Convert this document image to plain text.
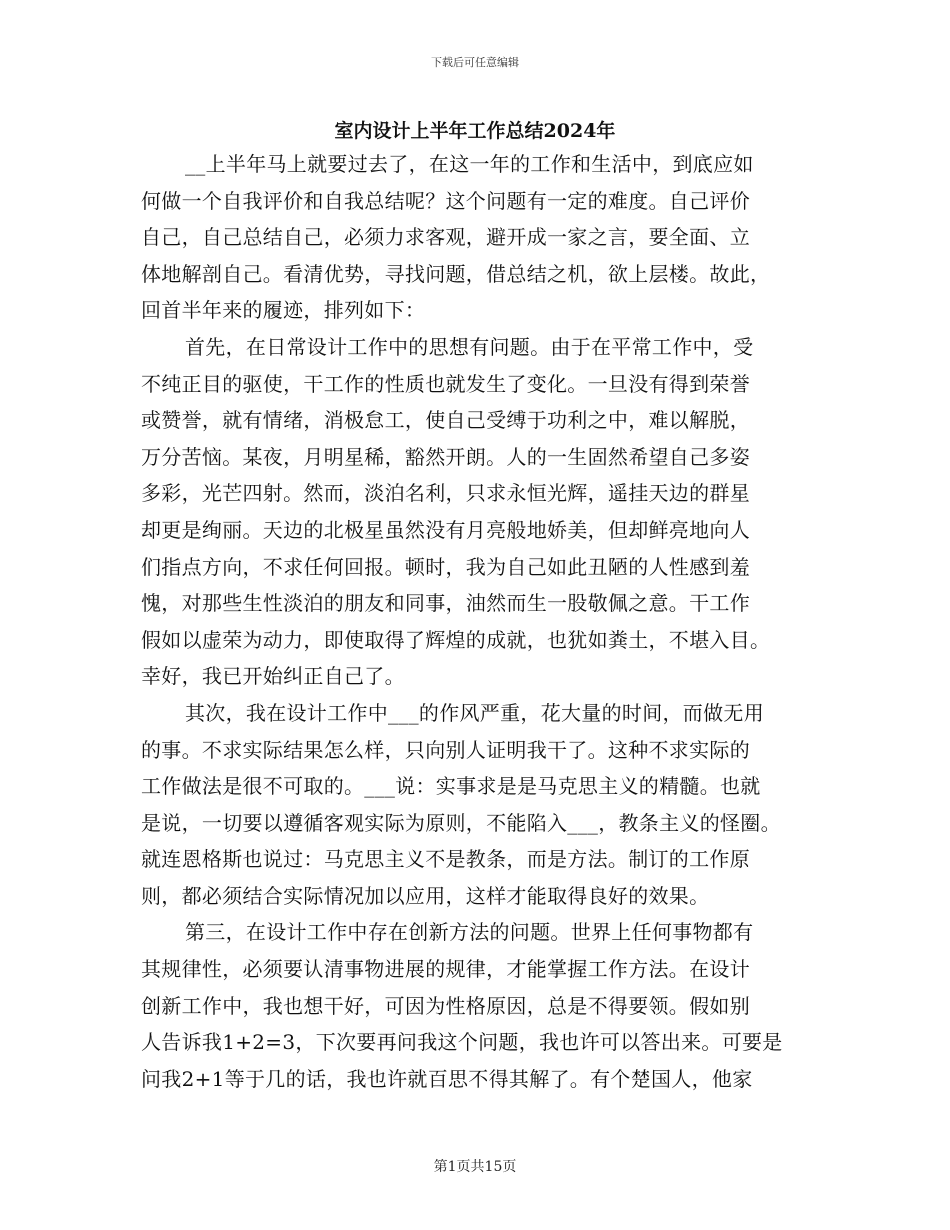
下载后可任意编辑
室内设计上半年工作总结2024年
__上半年马上就要过去了，在这一年的工作和生活中，到底应如
何做一个自我评价和自我总结呢？这个问题有一定的难度。自己评价
自己，自己总结自己，必须力求客观，避开成一家之言，要全面、立
体地解剖自己。看清优势，寻找问题，借总结之机，欲上层楼。故此，
回首半年来的履迹，排列如下：
首先，在日常设计工作中的思想有问题。由于在平常工作中，受
不纯正目的驱使，干工作的性质也就发生了变化。一旦没有得到荣誉
或赞誉，就有情绪，消极怠工，使自己受缚于功利之中，难以解脱，
万分苦恼。某夜，月明星稀，豁然开朗。人的一生固然希望自己多姿
多彩，光芒四射。然而，淡泊名利，只求永恒光辉，遥挂天边的群星
却更是绚丽。天边的北极星虽然没有月亮般地娇美，但却鲜亮地向人
们指点方向，不求任何回报。顿时，我为自己如此丑陋的人性感到羞
愧，对那些生性淡泊的朋友和同事，油然而生一股敬佩之意。干工作
假如以虚荣为动力，即使取得了辉煌的成就，也犹如粪土，不堪入目。
幸好，我已开始纠正自己了。
其次，我在设计工作中___的作风严重，花大量的时间，而做无用
的事。不求实际结果怎么样，只向别人证明我干了。这种不求实际的
工作做法是很不可取的。___说：实事求是是马克思主义的精髓。也就
是说，一切要以遵循客观实际为原则，不能陷入___，教条主义的怪圈。
就连恩格斯也说过：马克思主义不是教条，而是方法。制订的工作原
则，都必须结合实际情况加以应用，这样才能取得良好的效果。
第三，在设计工作中存在创新方法的问题。世界上任何事物都有
其规律性，必须要认清事物进展的规律，才能掌握工作方法。在设计
创新工作中，我也想干好，可因为性格原因，总是不得要领。假如别
人告诉我1+2=3，下次要再问我这个问题，我也许可以答出来。可要是
问我2+1等于几的话，我也许就百思不得其解了。有个楚国人，他家
第1页共15页
